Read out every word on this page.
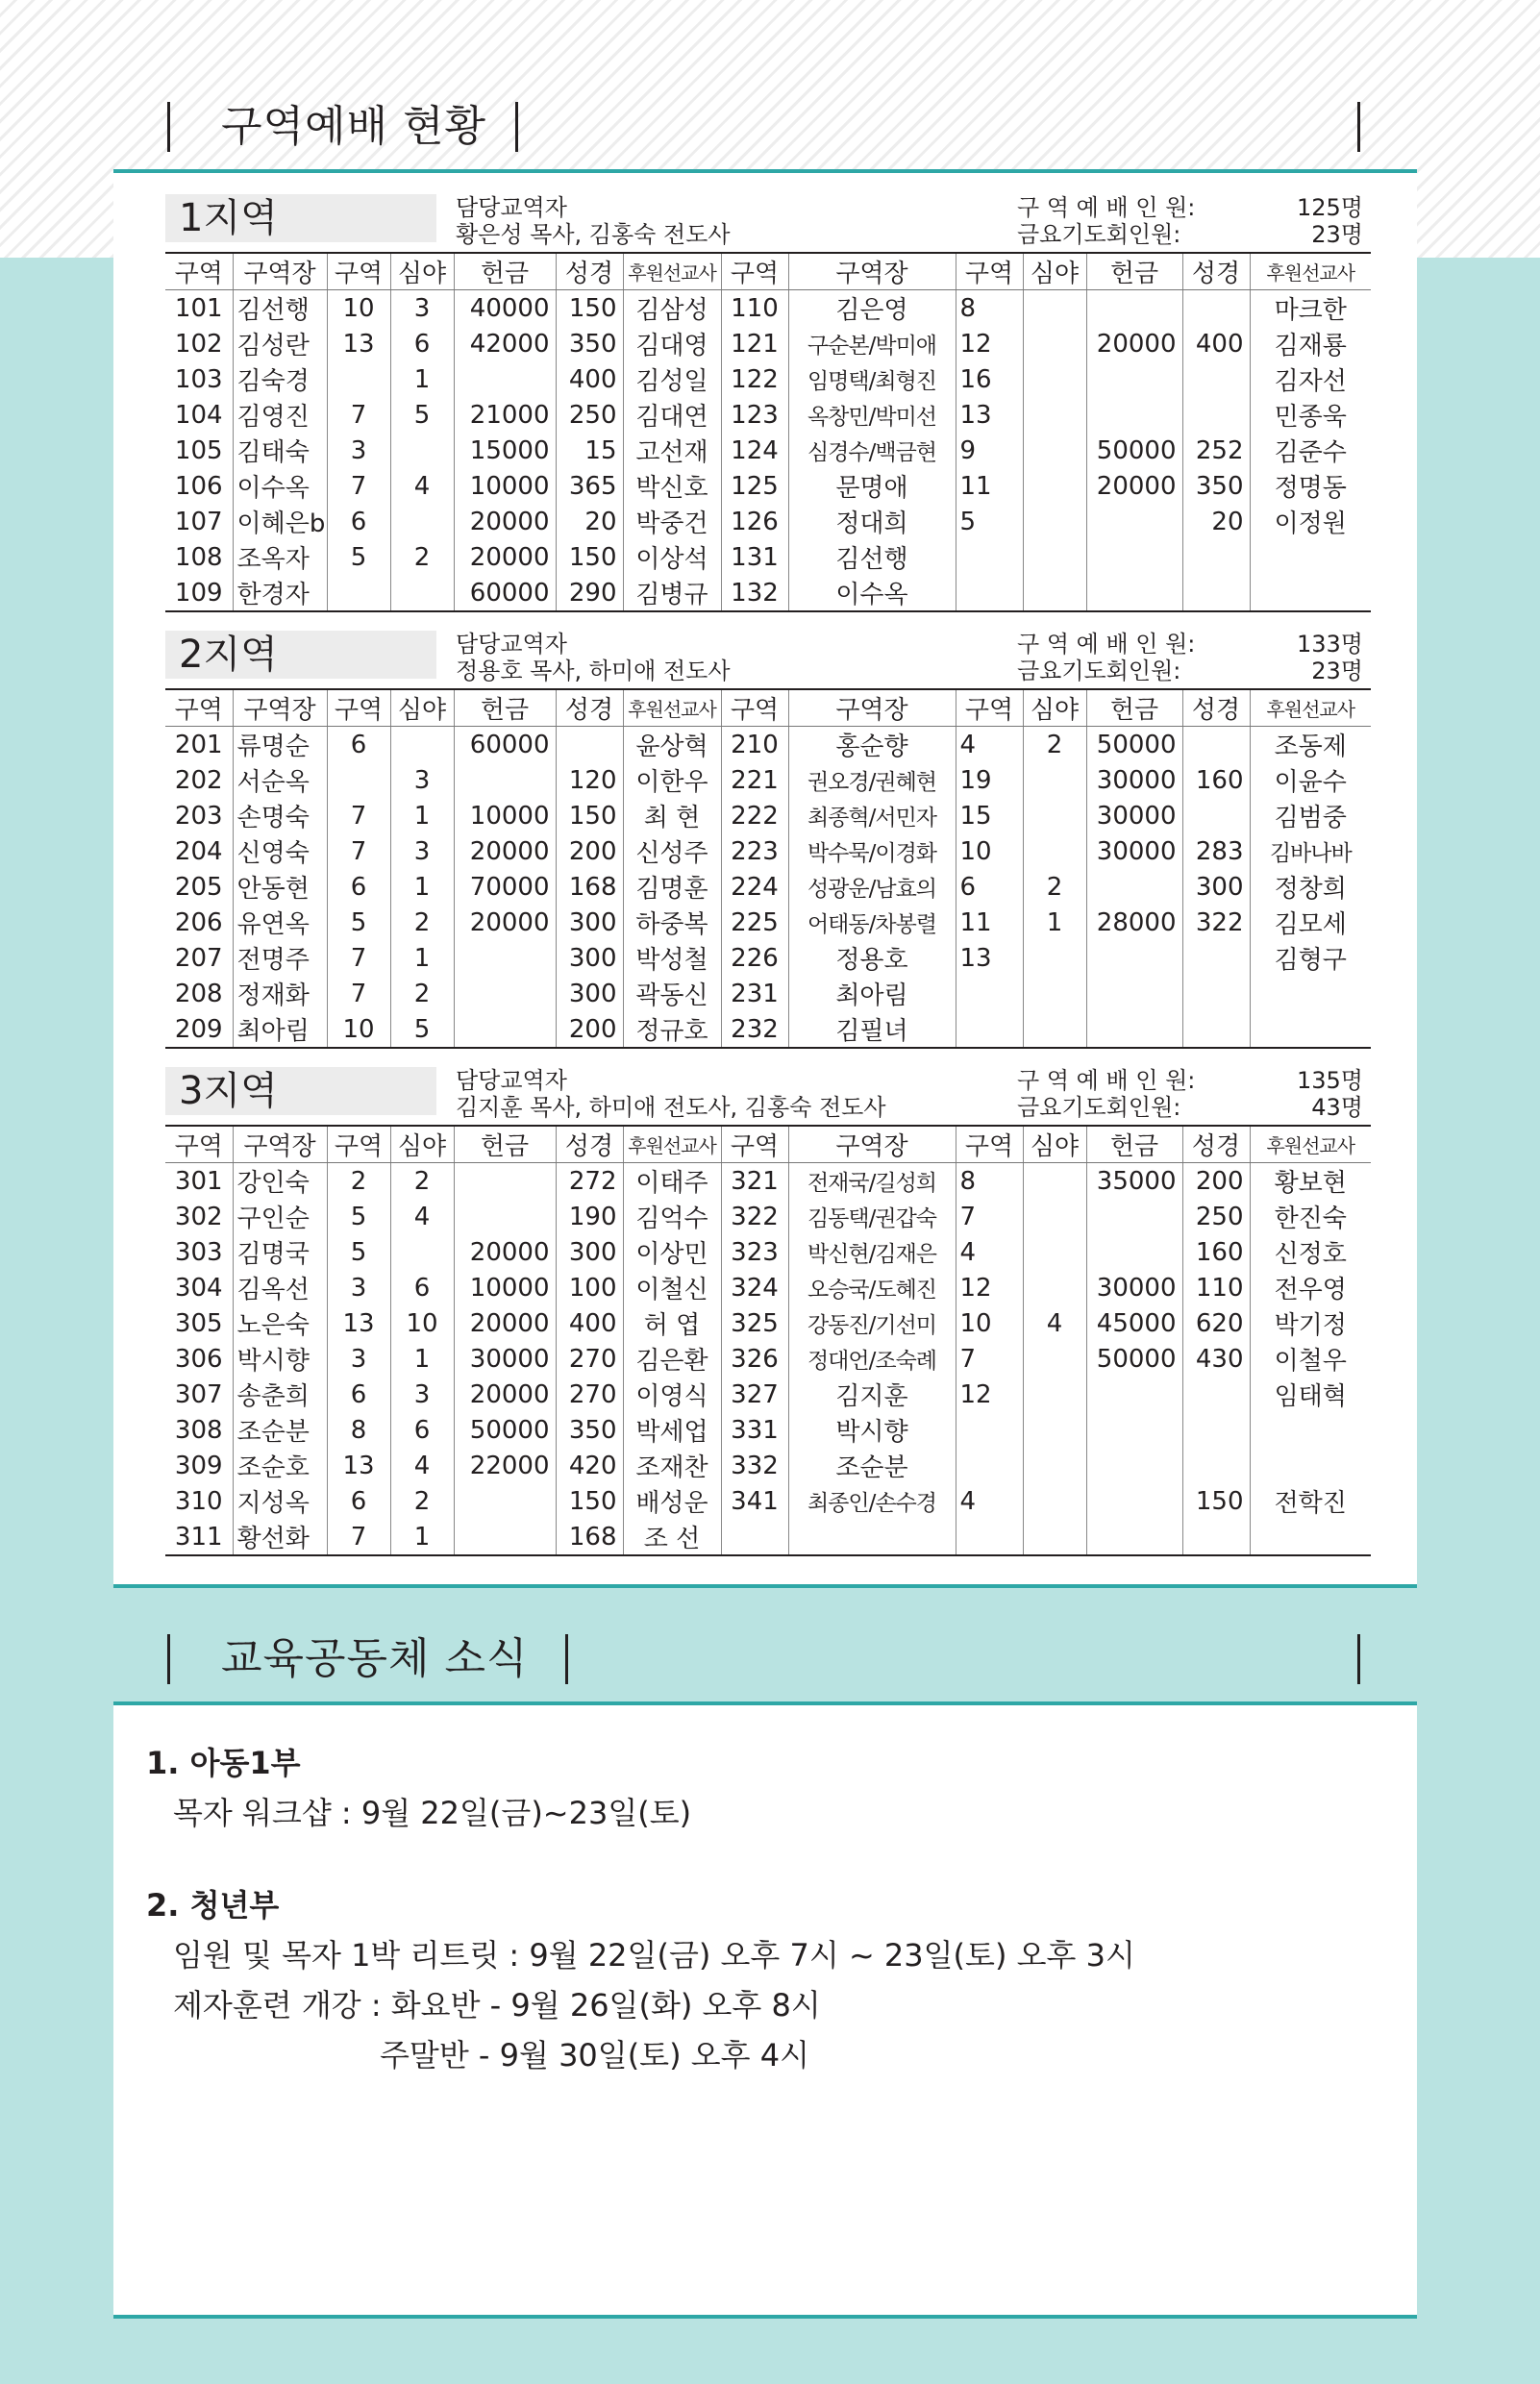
구역예배 현황
1지역	담당교역자
황은성 목사, 김홍숙 전도사
구 역 예 배 인 원:	125명
금요기도회인원:	23명
구역	구역장	구역	심야	헌금	성경	후원선교사	구역	구역장	구역	심야	헌금	성경	후원선교사
101	김선행	10	3	40000	150	김삼성	110	김은영	8				마크한
102	김성란	13	6	42000	350	김대영	121	구순본/박미애	12		20000	400	김재룡
103	김숙경		1		400	김성일	122	임명택/최형진	16				김자선
104	김영진	7	5	21000	250	김대연	123	옥창민/박미선	13				민종욱
105	김태숙	3		15000	15	고선재	124	심경수/백금현	9		50000	252	김준수
106	이수옥	7	4	10000	365	박신호	125	문명애	11		20000	350	정명동
107	이혜은b	6		20000	20	박중건	126	정대희	5			20	이정원
108	조옥자	5	2	20000	150	이상석	131	김선행					
109	한경자			60000	290	김병규	132	이수옥					
2지역	담당교역자
정용호 목사, 하미애 전도사
구 역 예 배 인 원:	133명
금요기도회인원:	23명
구역	구역장	구역	심야	헌금	성경	후원선교사	구역	구역장	구역	심야	헌금	성경	후원선교사
201	류명순	6		60000		윤상혁	210	홍순향	4	2	50000		조동제
202	서순옥		3		120	이한우	221	권오경/권혜현	19		30000	160	이윤수
203	손명숙	7	1	10000	150	최 현	222	최종혁/서민자	15		30000		김범중
204	신영숙	7	3	20000	200	신성주	223	박수묵/이경화	10		30000	283	김바나바
205	안동현	6	1	70000	168	김명훈	224	성광운/남효의	6	2		300	정창희
206	유연옥	5	2	20000	300	하중복	225	어태동/차봉렬	11	1	28000	322	김모세
207	전명주	7	1		300	박성철	226	정용호	13				김형구
208	정재화	7	2		300	곽동신	231	최아림					
209	최아림	10	5		200	정규호	232	김필녀					
3지역	담당교역자
김지훈 목사, 하미애 전도사, 김홍숙 전도사
구 역 예 배 인 원:	135명
금요기도회인원:	43명
구역	구역장	구역	심야	헌금	성경	후원선교사	구역	구역장	구역	심야	헌금	성경	후원선교사
301	강인숙	2	2		272	이태주	321	전재국/길성희	8		35000	200	황보현
302	구인순	5	4		190	김억수	322	김동택/권갑숙	7			250	한진숙
303	김명국	5		20000	300	이상민	323	박신현/김재은	4			160	신정호
304	김옥선	3	6	10000	100	이철신	324	오승국/도혜진	12		30000	110	전우영
305	노은숙	13	10	20000	400	허 엽	325	강동진/기선미	10	4	45000	620	박기정
306	박시향	3	1	30000	270	김은환	326	정대언/조숙례	7		50000	430	이철우
307	송춘희	6	3	20000	270	이영식	327	김지훈	12				임태혁
308	조순분	8	6	50000	350	박세업	331	박시향					
309	조순호	13	4	22000	420	조재찬	332	조순분					
310	지성옥	6	2		150	배성운	341	최종인/손수경	4			150	전학진
311	황선화	7	1		168	조 선							
교육공동체 소식
1. 아동1부

목자 워크샵 : 9월 22일(금)~23일(토)

2. 청년부

임원 및 목자 1박 리트릿 : 9월 22일(금) 오후 7시 ~ 23일(토) 오후 3시

제자훈련 개강 : 화요반 - 9월 26일(화) 오후 8시

주말반 - 9월 30일(토) 오후 4시
